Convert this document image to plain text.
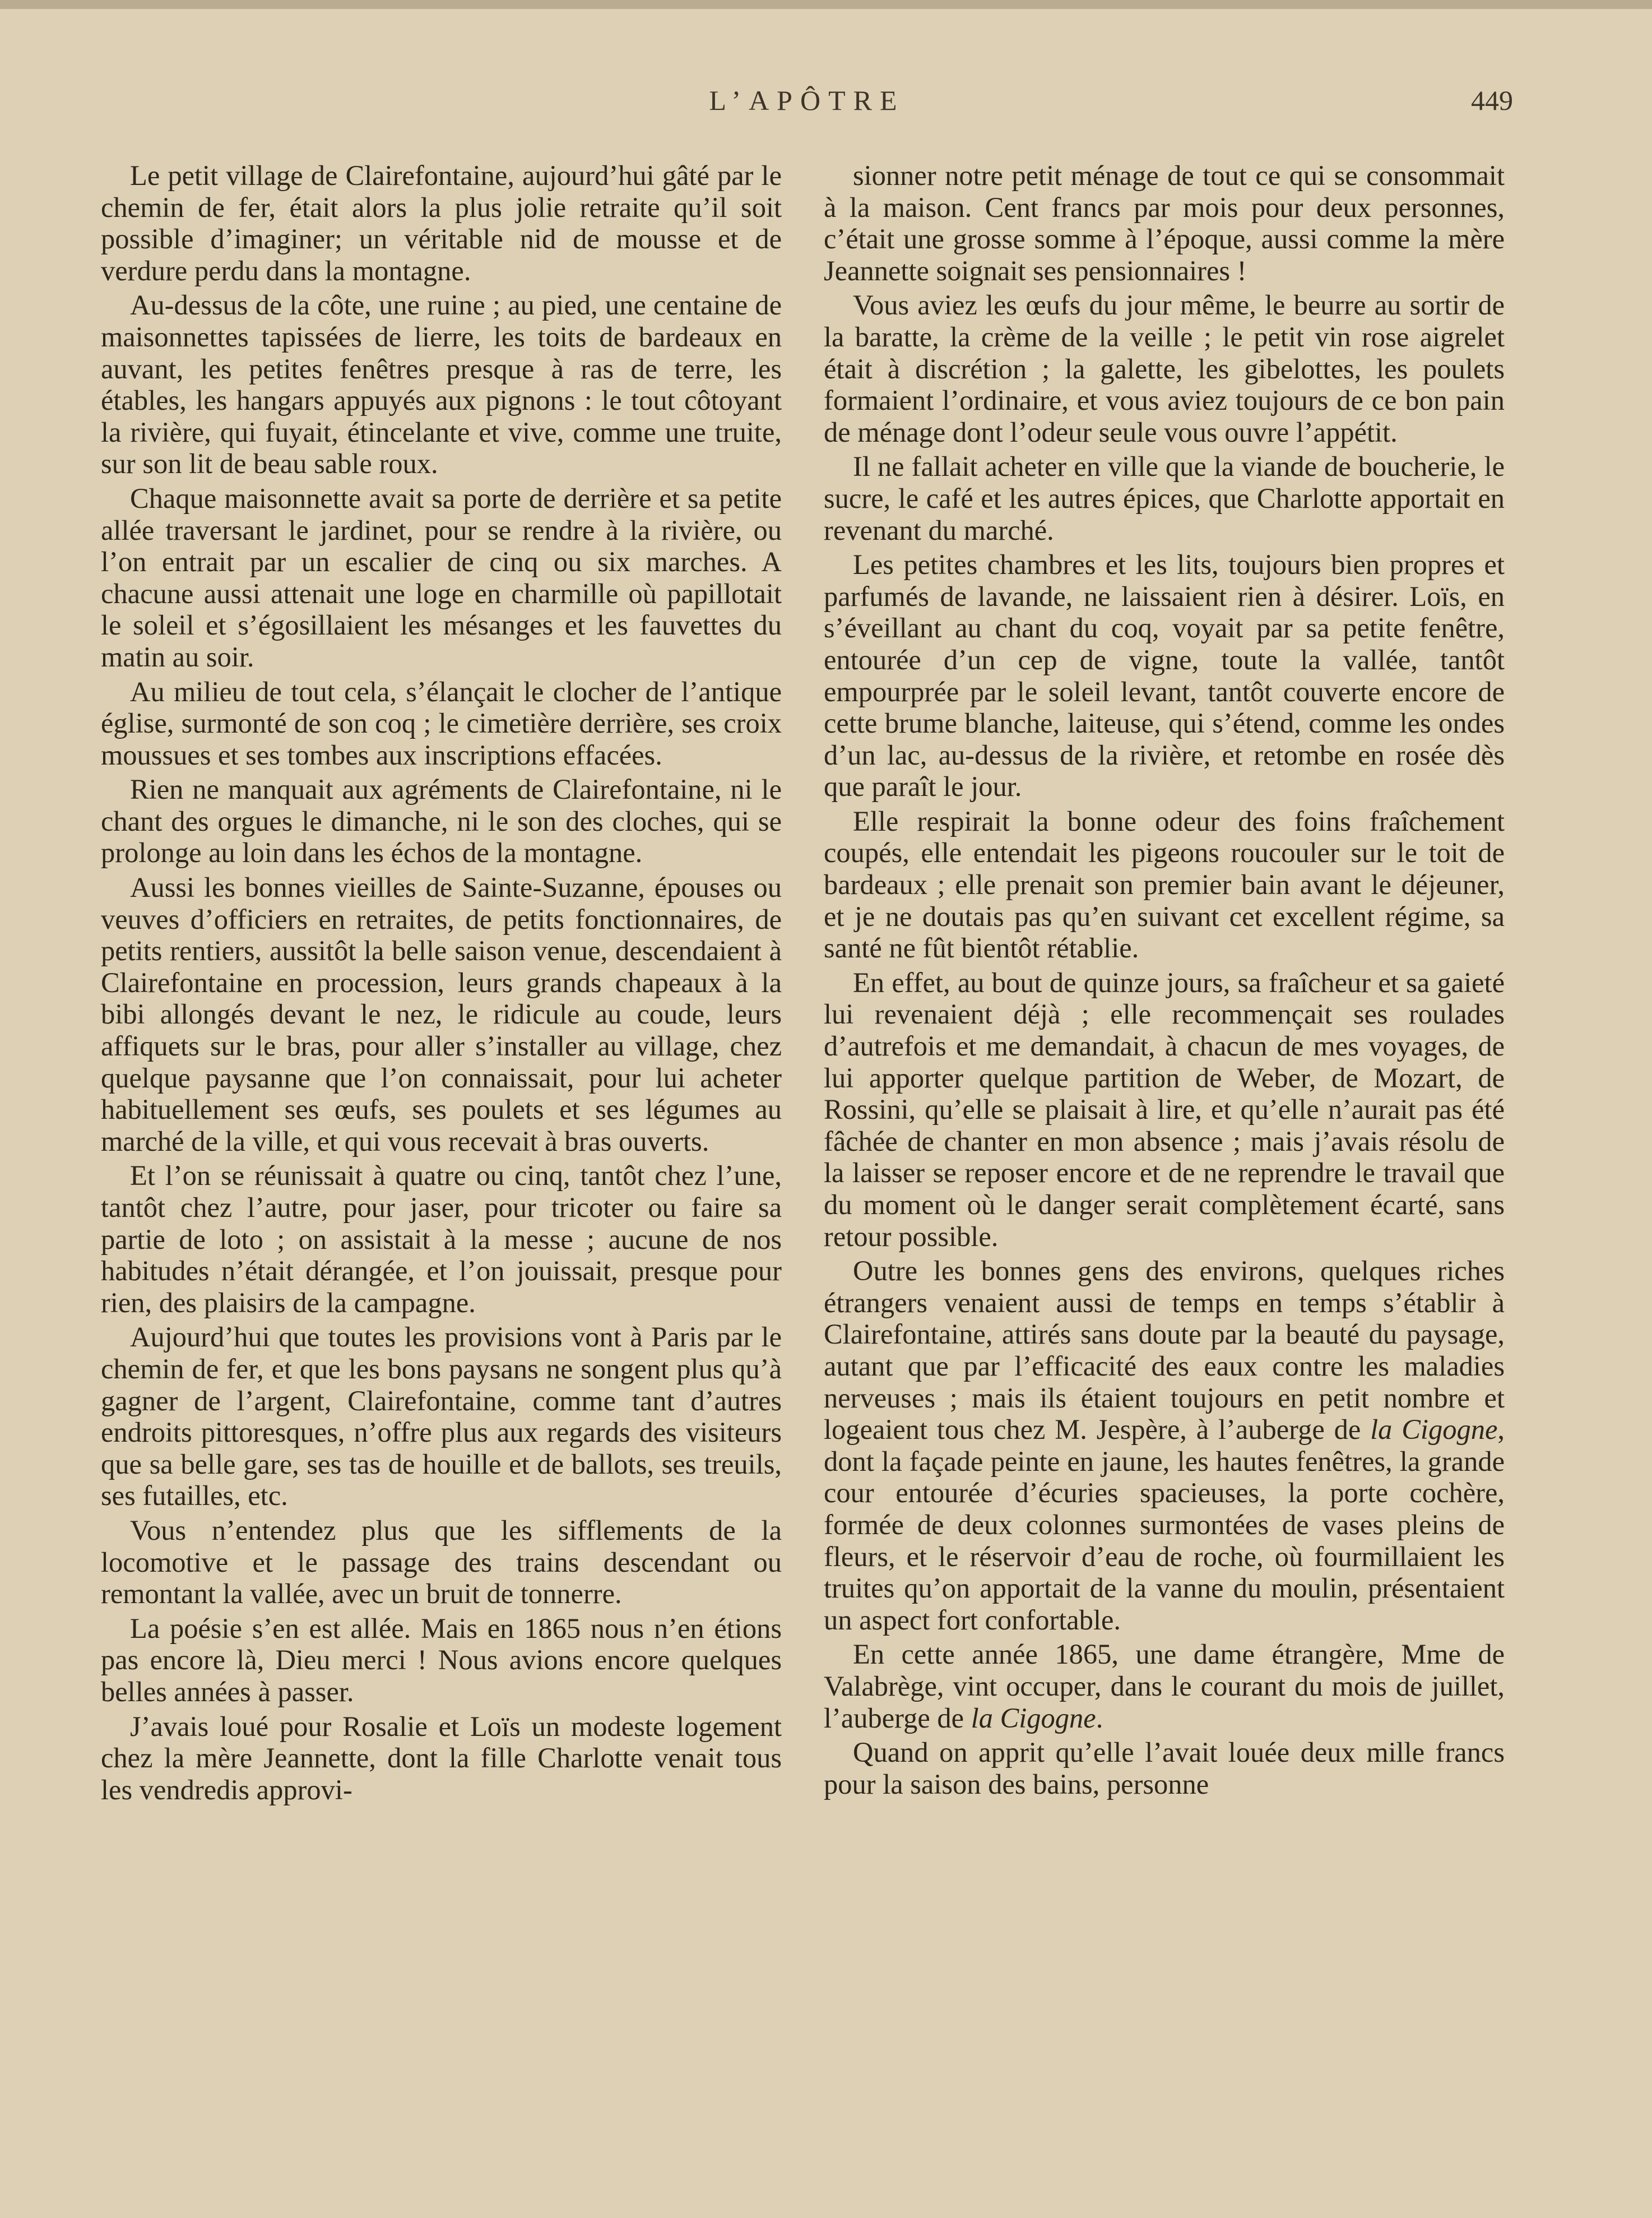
L’APÔTRE	449

Le petit village de Clairefontaine, aujourd’hui gâté par le chemin de fer, était alors la plus jolie retraite qu’il soit possible d’imaginer; un véritable nid de mousse et de verdure perdu dans la montagne.

Au-dessus de la côte, une ruine ; au pied, une centaine de maisonnettes tapissées de lierre, les toits de bardeaux en auvant, les petites fenêtres presque à ras de terre, les étables, les hangars appuyés aux pignons : le tout côtoyant la rivière, qui fuyait, étincelante et vive, comme une truite, sur son lit de beau sable roux.

Chaque maisonnette avait sa porte de derrière et sa petite allée traversant le jardinet, pour se rendre à la rivière, ou l’on entrait par un escalier de cinq ou six marches. A chacune aussi attenait une loge en charmille où papillotait le soleil et s’égosillaient les mésanges et les fauvettes du matin au soir.

Au milieu de tout cela, s’élançait le clocher de l’antique église, surmonté de son coq ; le cimetière derrière, ses croix moussues et ses tombes aux inscriptions effacées.

Rien ne manquait aux agréments de Clairefontaine, ni le chant des orgues le dimanche, ni le son des cloches, qui se prolonge au loin dans les échos de la montagne.

Aussi les bonnes vieilles de Sainte-Suzanne, épouses ou veuves d’officiers en retraites, de petits fonctionnaires, de petits rentiers, aussitôt la belle saison venue, descendaient à Clairefontaine en procession, leurs grands chapeaux à la bibi allongés devant le nez, le ridicule au coude, leurs affiquets sur le bras, pour aller s’installer au village, chez quelque paysanne que l’on connaissait, pour lui acheter habituellement ses œufs, ses poulets et ses légumes au marché de la ville, et qui vous recevait à bras ouverts.

Et l’on se réunissait à quatre ou cinq, tantôt chez l’une, tantôt chez l’autre, pour jaser, pour tricoter ou faire sa partie de loto ; on assistait à la messe ; aucune de nos habitudes n’était dérangée, et l’on jouissait, presque pour rien, des plaisirs de la campagne.

Aujourd’hui que toutes les provisions vont à Paris par le chemin de fer, et que les bons paysans ne songent plus qu’à gagner de l’argent, Clairefontaine, comme tant d’autres endroits pittoresques, n’offre plus aux regards des visiteurs que sa belle gare, ses tas de houille et de ballots, ses treuils, ses futailles, etc.

Vous n’entendez plus que les sifflements de la locomotive et le passage des trains descendant ou remontant la vallée, avec un bruit de tonnerre.

La poésie s’en est allée. Mais en 1865 nous n’en étions pas encore là, Dieu merci ! Nous avions encore quelques belles années à passer.

J’avais loué pour Rosalie et Loïs un modeste logement chez la mère Jeannette, dont la fille Charlotte venait tous les vendredis approvi-

sionner notre petit ménage de tout ce qui se consommait à la maison. Cent francs par mois pour deux personnes, c’était une grosse somme à l’époque, aussi comme la mère Jeannette soignait ses pensionnaires !

Vous aviez les œufs du jour même, le beurre au sortir de la baratte, la crème de la veille ; le petit vin rose aigrelet était à discrétion ; la galette, les gibelottes, les poulets formaient l’ordinaire, et vous aviez toujours de ce bon pain de ménage dont l’odeur seule vous ouvre l’appétit.

Il ne fallait acheter en ville que la viande de boucherie, le sucre, le café et les autres épices, que Charlotte apportait en revenant du marché.

Les petites chambres et les lits, toujours bien propres et parfumés de lavande, ne laissaient rien à désirer. Loïs, en s’éveillant au chant du coq, voyait par sa petite fenêtre, entourée d’un cep de vigne, toute la vallée, tantôt empourprée par le soleil levant, tantôt couverte encore de cette brume blanche, laiteuse, qui s’étend, comme les ondes d’un lac, au-dessus de la rivière, et retombe en rosée dès que paraît le jour.

Elle respirait la bonne odeur des foins fraîchement coupés, elle entendait les pigeons roucouler sur le toit de bardeaux ; elle prenait son premier bain avant le déjeuner, et je ne doutais pas qu’en suivant cet excellent régime, sa santé ne fût bientôt rétablie.

En effet, au bout de quinze jours, sa fraîcheur et sa gaieté lui revenaient déjà ; elle recommençait ses roulades d’autrefois et me demandait, à chacun de mes voyages, de lui apporter quelque partition de Weber, de Mozart, de Rossini, qu’elle se plaisait à lire, et qu’elle n’aurait pas été fâchée de chanter en mon absence ; mais j’avais résolu de la laisser se reposer encore et de ne reprendre le travail que du moment où le danger serait complètement écarté, sans retour possible.

Outre les bonnes gens des environs, quelques riches étrangers venaient aussi de temps en temps s’établir à Clairefontaine, attirés sans doute par la beauté du paysage, autant que par l’efficacité des eaux contre les maladies nerveuses ; mais ils étaient toujours en petit nombre et logeaient tous chez M. Jespère, à l’auberge de la Cigogne, dont la façade peinte en jaune, les hautes fenêtres, la grande cour entourée d’écuries spacieuses, la porte cochère, formée de deux colonnes surmontées de vases pleins de fleurs, et le réservoir d’eau de roche, où fourmillaient les truites qu’on apportait de la vanne du moulin, présentaient un aspect fort confortable.

En cette année 1865, une dame étrangère, Mme de Valabrège, vint occuper, dans le courant du mois de juillet, l’auberge de la Cigogne.

Quand on apprit qu’elle l’avait louée deux mille francs pour la saison des bains, personne
